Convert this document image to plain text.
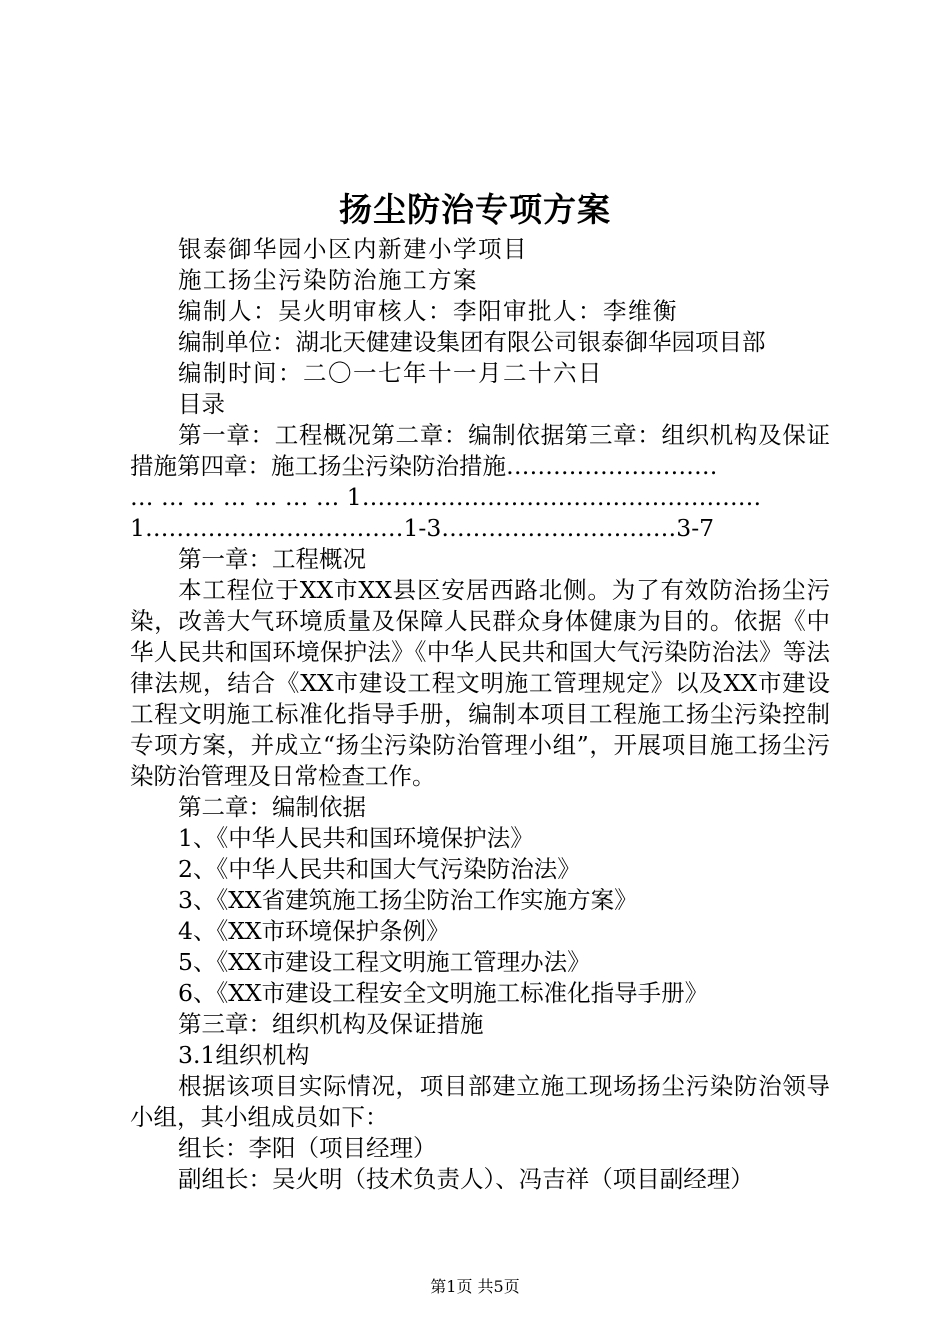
扬尘防治专项方案

银泰御华园小区内新建小学项目

施工扬尘污染防治施工方案

编制人：吴火明审核人：李阳审批人：李维衡

编制单位：湖北天健建设集团有限公司银泰御华园项目部

编制时间：二〇一七年十一月二十六日

目录

第一章：工程概况第二章：编制依据第三章：组织机构及保证措施第四章：施工扬尘污染防治措施………………………

… … … … … … … 1……………………………………………

1……………………………1-3…………………………3-7

第一章：工程概况

本工程位于XX市XX县区安居西路北侧。为了有效防治扬尘污染，改善大气环境质量及保障人民群众身体健康为目的。依据《中华人民共和国环境保护法》《中华人民共和国大气污染防治法》等法律法规，结合《XX市建设工程文明施工管理规定》以及XX市建设工程文明施工标准化指导手册，编制本项目工程施工扬尘污染控制专项方案，并成立“扬尘污染防治管理小组”，开展项目施工扬尘污染防治管理及日常检查工作。

第二章：编制依据

1、《中华人民共和国环境保护法》

2、《中华人民共和国大气污染防治法》

3、《XX省建筑施工扬尘防治工作实施方案》

4、《XX市环境保护条例》

5、《XX市建设工程文明施工管理办法》

6、《XX市建设工程安全文明施工标准化指导手册》

第三章：组织机构及保证措施

3.1组织机构

根据该项目实际情况，项目部建立施工现场扬尘污染防治领导小组，其小组成员如下：

组长：李阳（项目经理）

副组长：吴火明（技术负责人）、冯吉祥（项目副经理）

第1页 共5页
